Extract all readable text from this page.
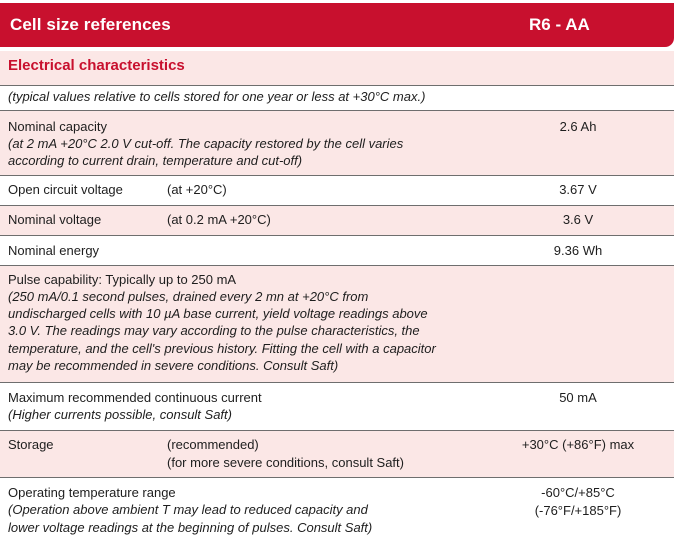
Cell size references	R6 - AA
Electrical characteristics
(typical values relative to cells stored for one year or less at +30°C max.)
Nominal capacity
(at 2 mA +20°C 2.0 V cut-off. The capacity restored by the cell varies
according to current drain, temperature and cut-off)
2.6 Ah
Open circuit voltage	(at +20°C)	3.67 V
Nominal voltage	(at 0.2 mA +20°C)	3.6 V
Nominal energy	9.36 Wh
Pulse capability: Typically up to 250 mA
(250 mA/0.1 second pulses, drained every 2 mn at +20°C from
undischarged cells with 10 µA base current, yield voltage readings above
3.0 V. The readings may vary according to the pulse characteristics, the
temperature, and the cell's previous history. Fitting the cell with a capacitor
may be recommended in severe conditions. Consult Saft)
Maximum recommended continuous current
(Higher currents possible, consult Saft)
50 mA
Storage	(recommended)
(for more severe conditions, consult Saft)
+30°C (+86°F) max
Operating temperature range
(Operation above ambient T may lead to reduced capacity and
lower voltage readings at the beginning of pulses. Consult Saft)
-60°C/+85°C
(-76°F/+185°F)
